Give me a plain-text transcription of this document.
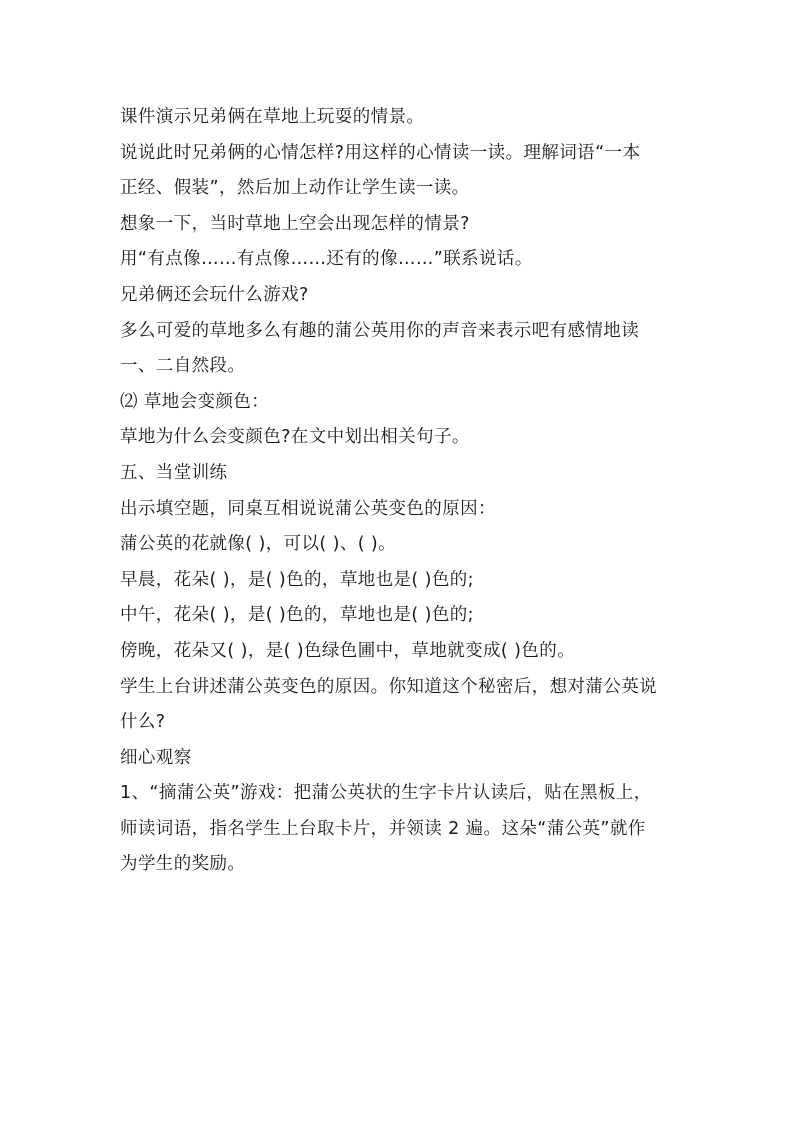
课件演示兄弟俩在草地上玩耍的情景。
说说此时兄弟俩的心情怎样?用这样的心情读一读。理解词语“一本
正经、假装”，然后加上动作让学生读一读。
想象一下，当时草地上空会出现怎样的情景?
用“有点像……有点像……还有的像……”联系说话。
兄弟俩还会玩什么游戏?
多么可爱的草地多么有趣的蒲公英用你的声音来表示吧有感情地读
一、二自然段。
⑵ 草地会变颜色：
草地为什么会变颜色?在文中划出相关句子。
五、当堂训练
出示填空题，同桌互相说说蒲公英变色的原因：
蒲公英的花就像( )，可以( )、( )。
早晨，花朵( )，是( )色的，草地也是( )色的;
中午，花朵( )，是( )色的，草地也是( )色的;
傍晚，花朵又( )，是( )色绿色圃中，草地就变成( )色的。
学生上台讲述蒲公英变色的原因。你知道这个秘密后，想对蒲公英说
什么?
细心观察
1、“摘蒲公英”游戏：把蒲公英状的生字卡片认读后，贴在黑板上，
师读词语，指名学生上台取卡片，并领读 2 遍。这朵“蒲公英”就作
为学生的奖励。
